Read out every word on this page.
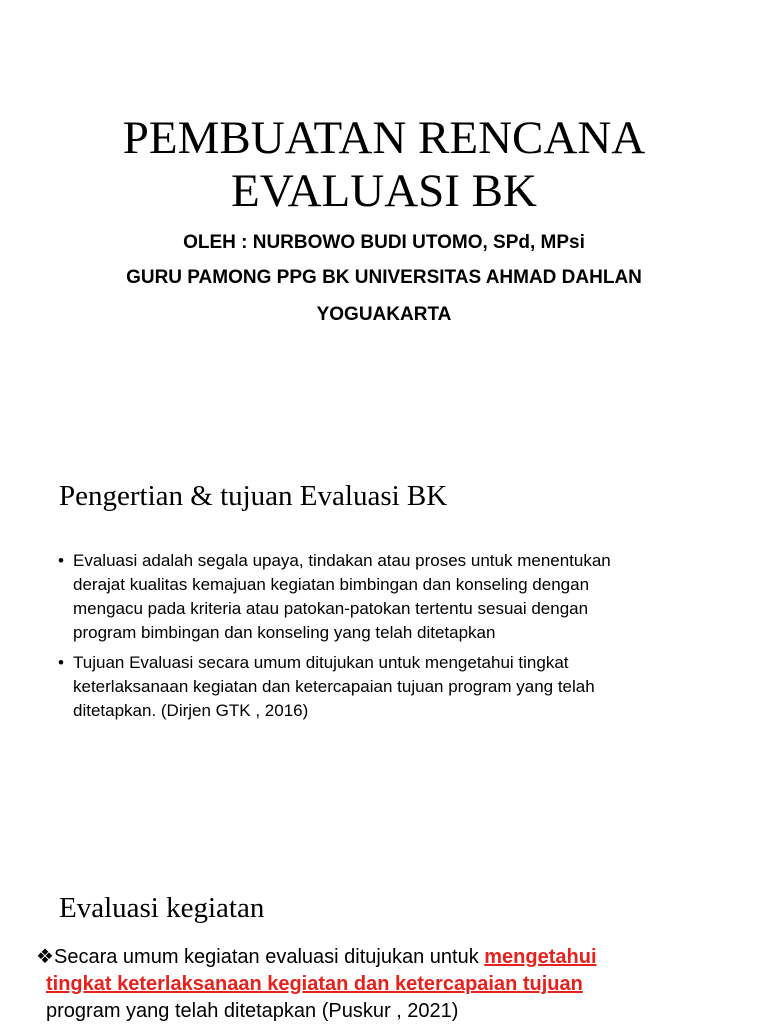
PEMBUATAN RENCANA
EVALUASI BK
OLEH : NURBOWO BUDI UTOMO, SPd, MPsi
GURU PAMONG PPG BK UNIVERSITAS AHMAD DAHLAN
YOGUAKARTA
Pengertian & tujuan Evaluasi BK
• Evaluasi adalah segala upaya, tindakan atau proses untuk menentukan
derajat kualitas kemajuan kegiatan bimbingan dan konseling dengan
mengacu pada kriteria atau patokan-patokan tertentu sesuai dengan
program bimbingan dan konseling yang telah ditetapkan
• Tujuan Evaluasi secara umum ditujukan untuk mengetahui tingkat
keterlaksanaan kegiatan dan ketercapaian tujuan program yang telah
ditetapkan. (Dirjen GTK , 2016)
Evaluasi kegiatan
❖Secara umum kegiatan evaluasi ditujukan untuk mengetahui
tingkat keterlaksanaan kegiatan dan ketercapaian tujuan
program yang telah ditetapkan (Puskur , 2021)
